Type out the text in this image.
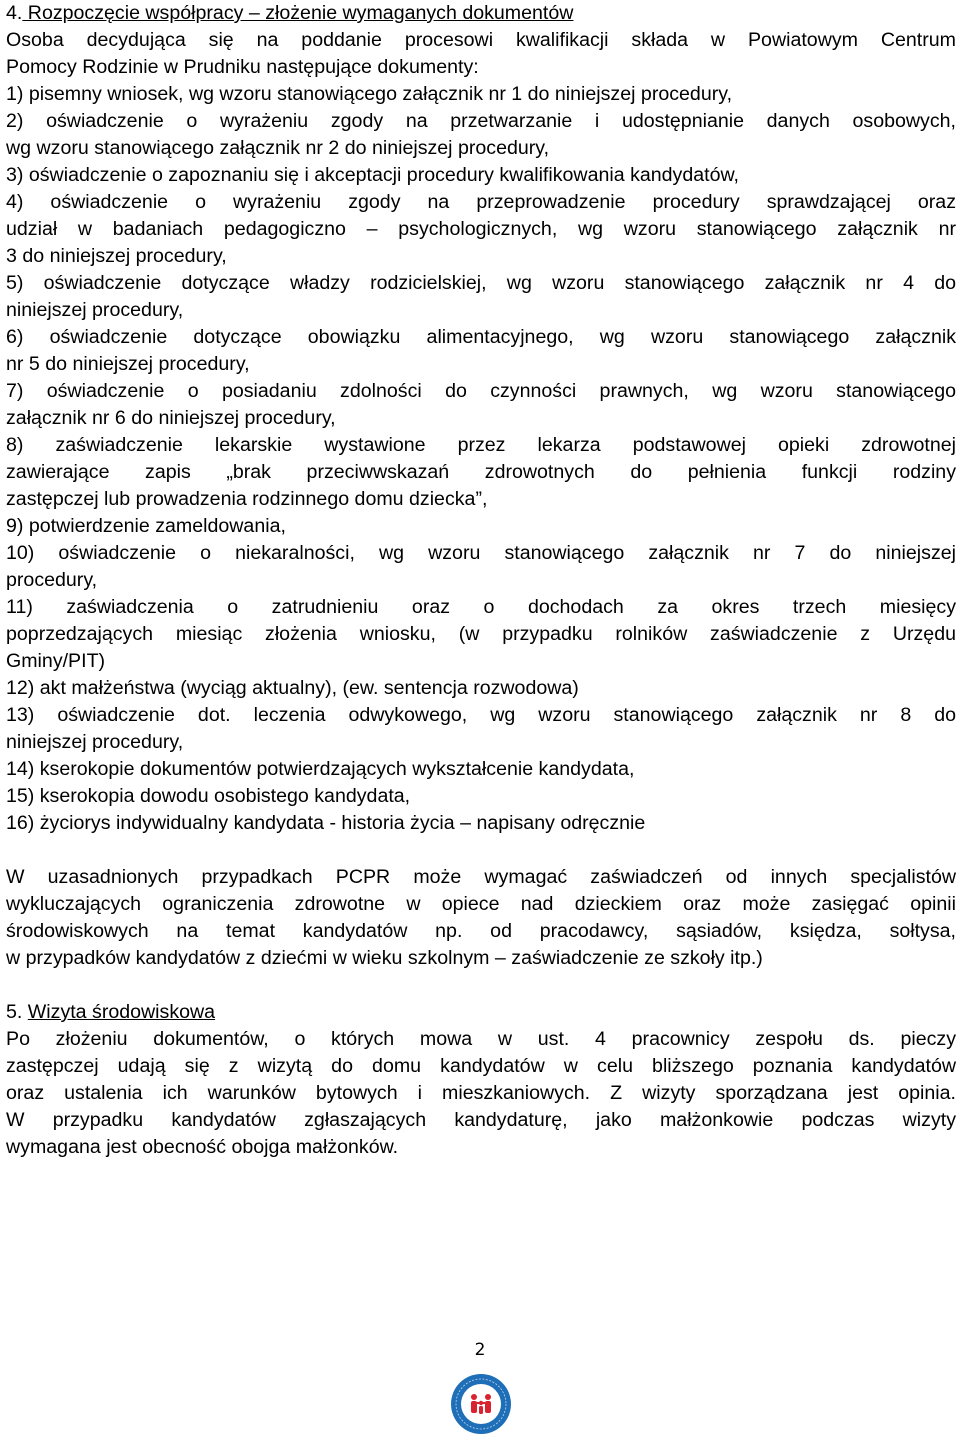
4. Rozpoczęcie współpracy – złożenie wymaganych dokumentów
Osoba decydująca się na poddanie procesowi kwalifikacji składa w Powiatowym Centrum
Pomocy Rodzinie w Prudniku następujące dokumenty:
1) pisemny wniosek, wg wzoru stanowiącego załącznik nr 1 do niniejszej procedury,
2) oświadczenie o wyrażeniu zgody na przetwarzanie i udostępnianie danych osobowych,
wg wzoru stanowiącego załącznik nr 2 do niniejszej procedury,
3) oświadczenie o zapoznaniu się i akceptacji procedury kwalifikowania kandydatów,
4) oświadczenie o wyrażeniu zgody na przeprowadzenie procedury sprawdzającej oraz
udział w badaniach pedagogiczno – psychologicznych, wg wzoru stanowiącego załącznik nr
3 do niniejszej procedury,
5) oświadczenie dotyczące władzy rodzicielskiej, wg wzoru stanowiącego załącznik nr 4 do
niniejszej procedury,
6) oświadczenie dotyczące obowiązku alimentacyjnego, wg wzoru stanowiącego załącznik
nr 5 do niniejszej procedury,
7) oświadczenie o posiadaniu zdolności do czynności prawnych, wg wzoru stanowiącego
załącznik nr 6 do niniejszej procedury,
8) zaświadczenie lekarskie wystawione przez lekarza podstawowej opieki zdrowotnej
zawierające zapis „brak przeciwwskazań zdrowotnych do pełnienia funkcji rodziny
zastępczej lub prowadzenia rodzinnego domu dziecka”,
9) potwierdzenie zameldowania,
10) oświadczenie o niekaralności, wg wzoru stanowiącego załącznik nr 7 do niniejszej
procedury,
11) zaświadczenia o zatrudnieniu oraz o dochodach za okres trzech miesięcy
poprzedzających miesiąc złożenia wniosku, (w przypadku rolników zaświadczenie z Urzędu
Gminy/PIT)
12) akt małżeństwa (wyciąg aktualny), (ew. sentencja rozwodowa)
13) oświadczenie dot. leczenia odwykowego, wg wzoru stanowiącego załącznik nr 8 do
niniejszej procedury,
14) kserokopie dokumentów potwierdzających wykształcenie kandydata,
15) kserokopia dowodu osobistego kandydata,
16) życiorys indywidualny kandydata - historia życia – napisany odręcznie
W uzasadnionych przypadkach PCPR może wymagać zaświadczeń od innych specjalistów
wykluczających ograniczenia zdrowotne w opiece nad dzieckiem oraz może zasięgać opinii
środowiskowych na temat kandydatów np. od pracodawcy, sąsiadów, księdza, sołtysa,
w przypadków kandydatów z dziećmi w wieku szkolnym – zaświadczenie ze szkoły itp.)
5. Wizyta środowiskowa
Po złożeniu dokumentów, o których mowa w ust. 4 pracownicy zespołu ds. pieczy
zastępczej udają się z wizytą do domu kandydatów w celu bliższego poznania kandydatów
oraz ustalenia ich warunków bytowych i mieszkaniowych. Z wizyty sporządzana jest opinia.
W przypadku kandydatów zgłaszających kandydaturę, jako małżonkowie podczas wizyty
wymagana jest obecność obojga małżonków.
2
